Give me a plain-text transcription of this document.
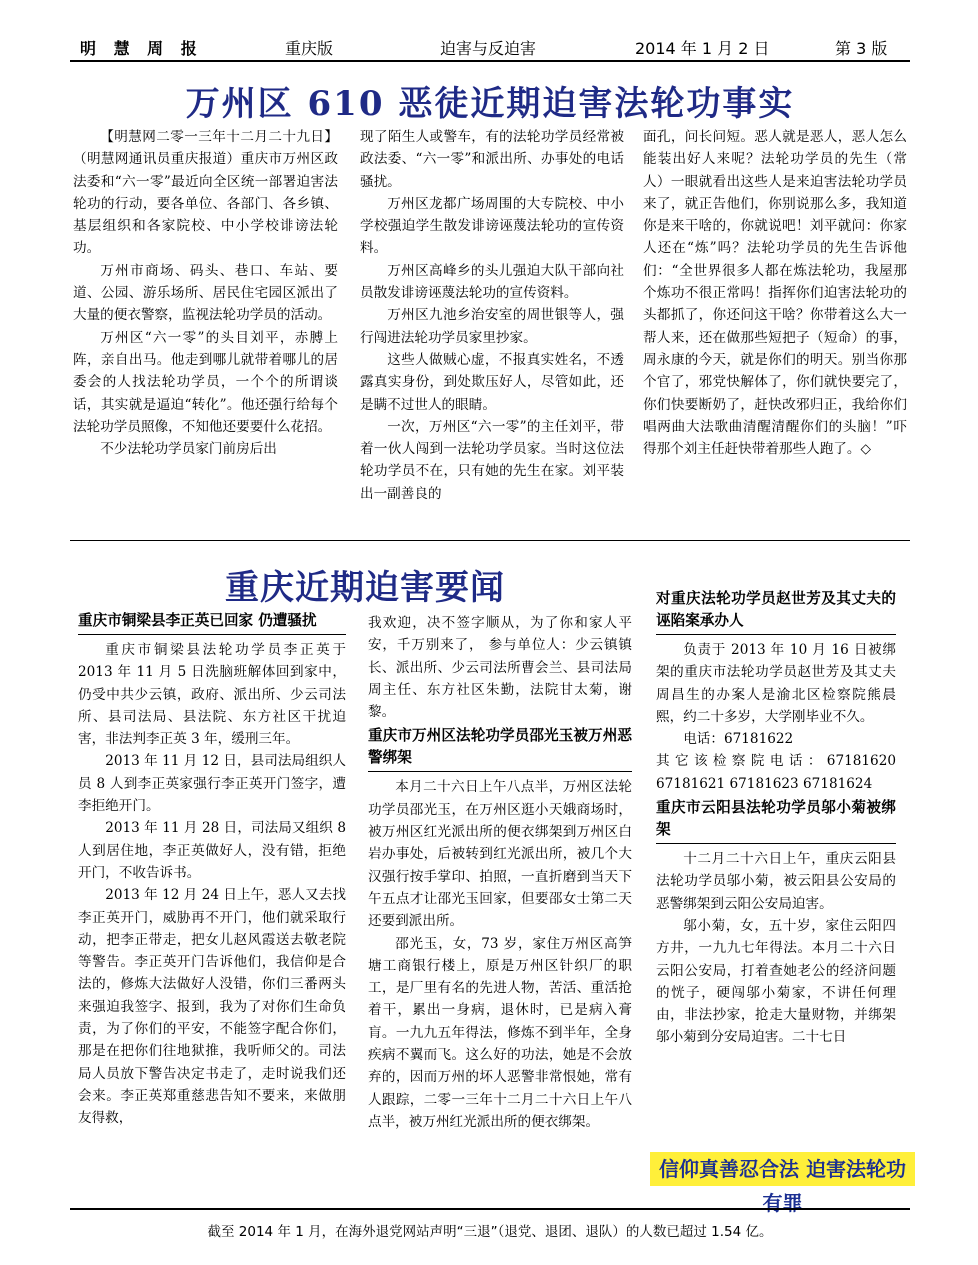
明 慧 周 报	重庆版	迫害与反迫害	2014 年 1 月 2 日	第 3 版
万州区 610 恶徒近期迫害法轮功事实

【明慧网二零一三年十二月二十九日】（明慧网通讯员重庆报道）重庆市万州区政法委和“六一零”最近向全区统一部署迫害法轮功的行动，要各单位、各部门、各乡镇、基层组织和各家院校、中小学校诽谤法轮功。

万州市商场、码头、巷口、车站、要道、公园、游乐场所、居民住宅园区派出了大量的便衣警察，监视法轮功学员的活动。

万州区“六一零”的头目刘平，赤膊上阵，亲自出马。他走到哪儿就带着哪儿的居委会的人找法轮功学员，一个个的所谓谈话，其实就是逼迫“转化”。他还强行给每个法轮功学员照像，不知他还要要什么花招。

不少法轮功学员家门前房后出

现了陌生人或警车，有的法轮功学员经常被政法委、“六一零”和派出所、办事处的电话骚扰。

万州区龙都广场周围的大专院校、中小学校强迫学生散发诽谤诬蔑法轮功的宣传资料。

万州区高峰乡的头儿强迫大队干部向社员散发诽谤诬蔑法轮功的宣传资料。

万州区九池乡治安室的周世银等人，强行闯进法轮功学员家里抄家。

这些人做贼心虚，不报真实姓名，不透露真实身份，到处欺压好人，尽管如此，还是瞒不过世人的眼睛。

一次，万州区“六一零”的主任刘平，带着一伙人闯到一法轮功学员家。当时这位法轮功学员不在，只有她的先生在家。刘平装出一副善良的

面孔，问长问短。恶人就是恶人，恶人怎么能装出好人来呢？法轮功学员的先生（常人）一眼就看出这些人是来迫害法轮功学员来了，就正告他们，你别说那么多，我知道你是来干啥的，你就说吧！刘平就问：你家人还在“炼”吗？法轮功学员的先生告诉他们：“全世界很多人都在炼法轮功，我屋那个炼功不很正常吗！指挥你们迫害法轮功的头都抓了，你还问这干啥？你带着这么大一帮人来，还在做那些短把子（短命）的事，周永康的今天，就是你们的明天。别当你那个官了，邪党快解体了，你们就快要完了，你们快要断奶了，赶快改邪归正，我给你们唱两曲大法歌曲清醒清醒你们的头脑！”吓得那个刘主任赶快带着那些人跑了。◇

重庆近期迫害要闻
重庆市铜梁县李正英已回家 仍遭骚扰

重庆市铜梁县法轮功学员李正英于 2013 年 11 月 5 日洗脑班解体回到家中，仍受中共少云镇，政府、派出所、少云司法所、县司法局、县法院、东方社区干扰迫害，非法判李正英 3 年，缓刑三年。

2013 年 11 月 12 日，县司法局组织人员 8 人到李正英家强行李正英开门签字，遭李拒绝开门。

2013 年 11 月 28 日，司法局又组织 8 人到居住地，李正英做好人，没有错，拒绝开门，不收告诉书。

2013 年 12 月 24 日上午，恶人又去找李正英开门，威胁再不开门，他们就采取行动，把李正带走，把女儿赵风霞送去敬老院等警告。李正英开门告诉他们，我信仰是合法的，修炼大法做好人没错，你们三番两头来强迫我签字、报到，我为了对你们生命负责，为了你们的平安，不能签字配合你们，那是在把你们往地狱推，我听师父的。司法局人员放下警告决定书走了，走时说我们还会来。李正英郑重慈悲告知不要来，来做朋友得救，

我欢迎，决不签字顺从，为了你和家人平安，千万别来了， 参与单位人：少云镇镇长、派出所、少云司法所曹会兰、县司法局周主任、东方社区朱勤，法院甘太菊，谢黎。

重庆市万州区法轮功学员邵光玉被万州恶警绑架

本月二十六日上午八点半，万州区法轮功学员邵光玉，在万州区逛小天娥商场时，被万州区红光派出所的便衣绑架到万州区白岩办事处，后被转到红光派出所，被几个大汉强行按手掌印、拍照，一直折磨到当天下午五点才让邵光玉回家，但要邵女士第二天还要到派出所。

邵光玉，女，73 岁，家住万州区高笋塘工商银行楼上，原是万州区针织厂的职工，是厂里有名的先进人物，苦活、重活抢着干，累出一身病，退休时，已是病入膏肓。一九九五年得法，修炼不到半年，全身疾病不翼而飞。这么好的功法，她是不会放弃的，因而万州的坏人恶警非常恨她，常有人跟踪，二零一三年十二月二十六日上午八点半，被万州红光派出所的便衣绑架。

对重庆法轮功学员赵世芳及其丈夫的诬陷案承办人

负责于 2013 年 10 月 16 日被绑架的重庆市法轮功学员赵世芳及其丈夫周昌生的办案人是渝北区检察院熊晨熙，约二十多岁，大学刚毕业不久。

电话：67181622

其它该检察院电话：67181620 67181621 67181623 67181624

重庆市云阳县法轮功学员邬小菊被绑架

十二月二十六日上午，重庆云阳县法轮功学员邬小菊，被云阳县公安局的恶警绑架到云阳公安局迫害。

邬小菊，女，五十岁，家住云阳四方井，一九九七年得法。本月二十六日云阳公安局，打着查她老公的经济问题的恍子，硬闯邬小菊家，不讲任何理由，非法抄家，抢走大量财物，并绑架邬小菊到分安局迫害。二十七日

信仰真善忍合法 迫害法轮功有罪
截至 2014 年 1 月，在海外退党网站声明“三退”（退党、退团、退队）的人数已超过 1.54 亿。
